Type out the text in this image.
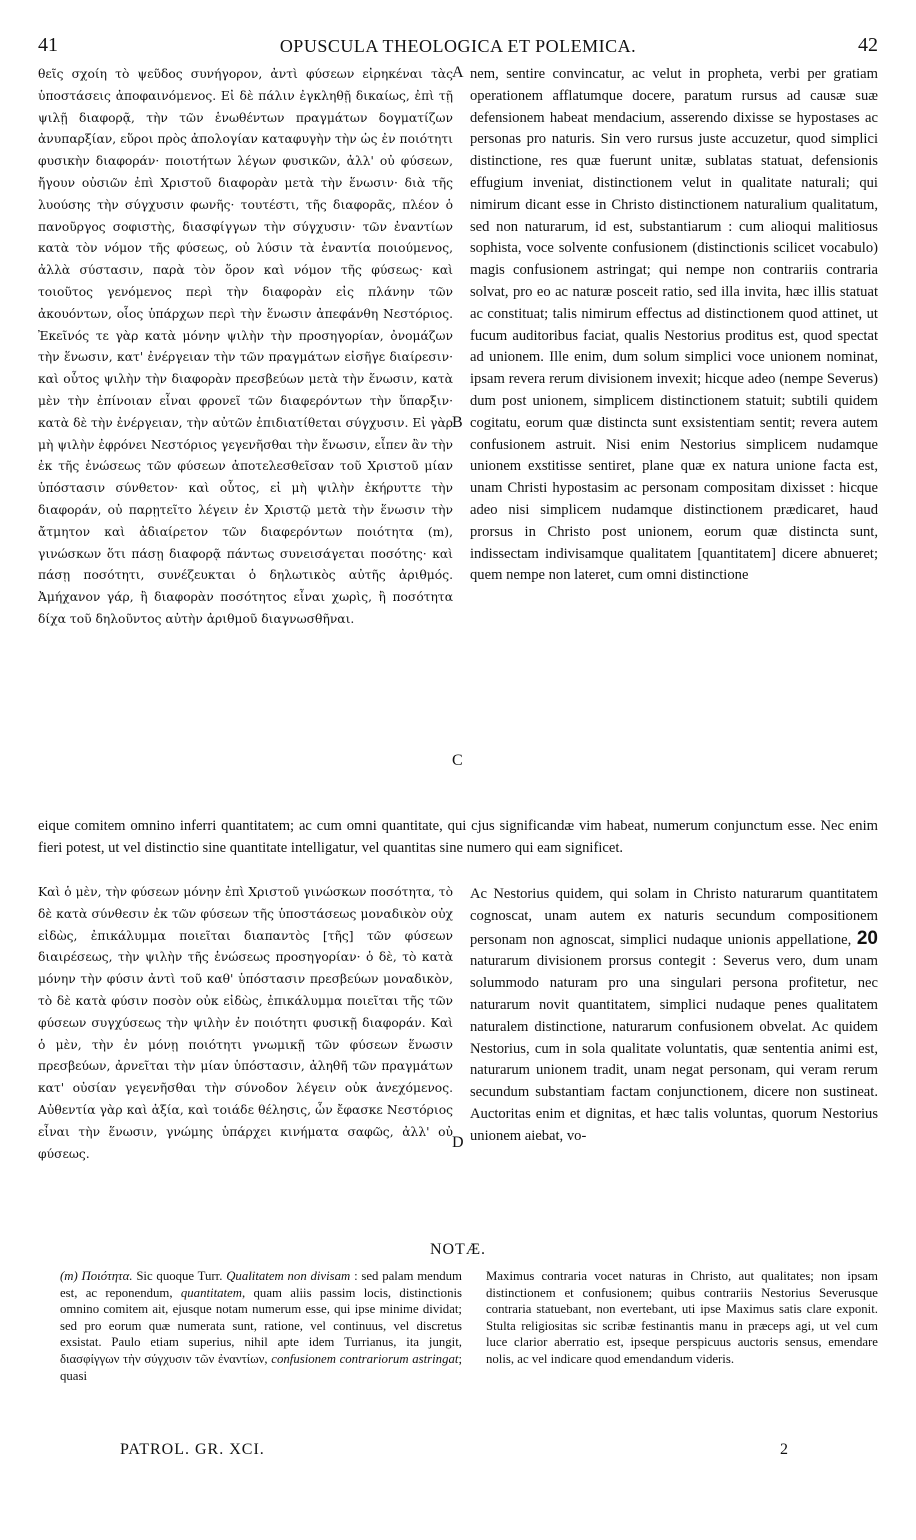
41	OPUSCULA THEOLOGICA ET POLEMICA.	42

θεῖς σχοίη τὸ ψεῦδος συνήγορον, ἀντὶ φύσεων εἰρηκέναι τὰς ὑποστάσεις ἀποφαινόμενος. Εἰ δὲ πάλιν ἐγκληθῇ δικαίως, ἐπὶ τῇ ψιλῇ διαφορᾷ, τὴν τῶν ἑνωθέντων πραγμάτων δογματίζων ἀνυπαρξίαν, εὕροι πρὸς ἀπολογίαν καταφυγὴν τὴν ὡς ἐν ποιότητι φυσικὴν διαφοράν· ποιοτήτων λέγων φυσικῶν, ἀλλ' οὐ φύσεων, ἤγουν οὐσιῶν ἐπὶ Χριστοῦ διαφορὰν μετὰ τὴν ἕνωσιν· διὰ τῆς λυούσης τὴν σύγχυσιν φωνῆς· τουτέστι, τῆς διαφορᾶς, πλέον ὁ πανοῦργος σοφιστὴς, διασφίγγων τὴν σύγχυσιν· τῶν ἐναντίων κατὰ τὸν νόμον τῆς φύσεως, οὐ λύσιν τὰ ἐναντία ποιούμενος, ἀλλὰ σύστασιν, παρὰ τὸν ὅρον καὶ νόμον τῆς φύσεως· καὶ τοιοῦτος γενόμενος περὶ τὴν διαφορὰν εἰς πλάνην τῶν ἀκουόντων, οἷος ὑπάρχων περὶ τὴν ἕνωσιν ἀπεφάνθη Νεστόριος. Ἐκεῖνός τε γὰρ κατὰ μόνην ψιλὴν τὴν προσηγορίαν, ὀνομάζων τὴν ἕνωσιν, κατ' ἐνέργειαν τὴν τῶν πραγμάτων εἰσῆγε διαίρεσιν· καὶ οὗτος ψιλὴν τὴν διαφορὰν πρεσβεύων μετὰ τὴν ἕνωσιν, κατὰ μὲν τὴν ἐπίνοιαν εἶναι φρονεῖ τῶν διαφερόντων τὴν ὕπαρξιν· κατὰ δὲ τὴν ἐνέργειαν, τὴν αὐτῶν ἐπιδιατίθεται σύγχυσιν. Εἰ γὰρ μὴ ψιλὴν ἐφρόνει Νεστόριος γεγενῆσθαι τὴν ἕνωσιν, εἶπεν ἂν τὴν ἐκ τῆς ἑνώσεως τῶν φύσεων ἀποτελεσθεῖσαν τοῦ Χριστοῦ μίαν ὑπόστασιν σύνθετον· καὶ οὗτος, εἰ μὴ ψιλὴν ἐκήρυττε τὴν διαφοράν, οὐ παρῃτεῖτο λέγειν ἐν Χριστῷ μετὰ τὴν ἕνωσιν τὴν ἄτμητον καὶ ἀδιαίρετον τῶν διαφερόντων ποιότητα (m), γινώσκων ὅτι πάσῃ διαφορᾷ πάντως συνεισάγεται ποσότης· καὶ πάσῃ ποσότητι, συνέζευκται ὁ δηλωτικὸς αὐτῆς ἀριθμός. Ἀμήχανον γάρ, ἢ διαφορὰν ποσότητος εἶναι χωρὶς, ἢ ποσότητα δίχα τοῦ δηλοῦντος αὐτὴν ἀριθμοῦ διαγνωσθῆναι.

nem, sentire convincatur, ac velut in propheta, verbi per gratiam operationem afflatumque docere, paratum rursus ad causæ suæ defensionem habeat mendacium, asserendo dixisse se hypostases ac personas pro naturis. Sin vero rursus juste accuzetur, quod simplici distinctione, res quæ fuerunt unitæ, sublatas statuat, defensionis effugium inveniat, distinctionem velut in qualitate naturali; qui nimirum dicant esse in Christo distinctionem naturalium qualitatum, sed non naturarum, id est, substantiarum : cum alioqui malitiosus sophista, voce solvente confusionem (distinctionis scilicet vocabulo) magis confusionem astringat; qui nempe non contrariis contraria solvat, pro eo ac naturæ posceit ratio, sed illa invita, hæc illis statuat ac constituat; talis nimirum effectus ad distinctionem quod attinet, ut fucum auditoribus faciat, qualis Nestorius proditus est, quod spectat ad unionem. Ille enim, dum solum simplici voce unionem nominat, ipsam revera rerum divisionem invexit; hicque adeo (nempe Severus) dum post unionem, simplicem distinctionem statuit; subtili quidem cogitatu, eorum quæ distincta sunt exsistentiam sentit; revera autem confusionem astruit. Nisi enim Nestorius simplicem nudamque unionem exstitisse sentiret, plane quæ ex natura unione facta est, unam Christi hypostasim ac personam compositam dixisset : hicque adeo nisi simplicem nudamque distinctionem prædicaret, haud prorsus in Christo post unionem, eorum quæ distincta sunt, indissectam indivisamque qualitatem [quantitatem] dicere abnueret; quem nempe non lateret, cum omni distinctione

A
B
C
D

eique comitem omnino inferri quantitatem; ac cum omni quantitate, qui cjus significandæ vim habeat, numerum conjunctum esse. Nec enim fieri potest, ut vel distinctio sine quantitate intelligatur, vel quantitas sine numero qui eam significet.

Καὶ ὁ μὲν, τὴν φύσεων μόνην ἐπὶ Χριστοῦ γινώσκων ποσότητα, τὸ δὲ κατὰ σύνθεσιν ἐκ τῶν φύσεων τῆς ὑποστάσεως μοναδικὸν οὐχ εἰδὼς, ἐπικάλυμμα ποιεῖται διαπαντὸς [τῆς] τῶν φύσεων διαιρέσεως, τὴν ψιλὴν τῆς ἑνώσεως προσηγορίαν· ὁ δὲ, τὸ κατὰ μόνην τὴν φύσιν ἀντὶ τοῦ καθ' ὑπόστασιν πρεσβεύων μοναδικὸν, τὸ δὲ κατὰ φύσιν ποσὸν οὐκ εἰδὼς, ἐπικάλυμμα ποιεῖται τῆς τῶν φύσεων συγχύσεως τὴν ψιλὴν ἐν ποιότητι φυσικῇ διαφοράν. Καὶ ὁ μὲν, τὴν ἐν μόνῃ ποιότητι γνωμικῇ τῶν φύσεων ἕνωσιν πρεσβεύων, ἀρνεῖται τὴν μίαν ὑπόστασιν, ἀληθῆ τῶν πραγμάτων κατ' οὐσίαν γεγενῆσθαι τὴν σύνοδον λέγειν οὐκ ἀνεχόμενος. Αὐθεντία γὰρ καὶ ἀξία, καὶ τοιάδε θέλησις, ὧν ἔφασκε Νεστόριος εἶναι τὴν ἕνωσιν, γνώμης ὑπάρχει κινήματα σαφῶς, ἀλλ' οὐ φύσεως.

Ac Nestorius quidem, qui solam in Christo naturarum quantitatem cognoscat, unam autem ex naturis secundum compositionem personam non agnoscat, simplici nudaque unionis appellatione, 20 naturarum divisionem prorsus contegit : Severus vero, dum unam solummodo naturam pro una singulari persona profitetur, nec naturarum novit quantitatem, simplici nudaque penes qualitatem naturalem distinctione, naturarum confusionem obvelat. Ac quidem Nestorius, cum in sola qualitate voluntatis, quæ sententia animi est, naturarum unionem tradit, unam negat personam, qui veram rerum secundum substantiam factam conjunctionem, dicere non sustineat. Auctoritas enim et dignitas, et hæc talis voluntas, quorum Nestorius unionem aiebat, vo-

NOTÆ.

(m) Ποιότητα. Sic quoque Turr. Qualitatem non divisam : sed palam mendum est, ac reponendum, quantitatem, quam aliis passim locis, distinctionis omnino comitem ait, ejusque notam numerum esse, qui ipse minime dividat; sed pro eorum quæ numerata sunt, ratione, vel continuus, vel discretus exsistat. Paulo etiam superius, nihil apte idem Turrianus, ita jungit, διασφίγγων τὴν σύγχυσιν τῶν ἐναντίων, confusionem contrariorum astringat; quasi

Maximus contraria vocet naturas in Christo, aut qualitates; non ipsam distinctionem et confusionem; quibus contrariis Nestorius Severusque contraria statuebant, non evertebant, uti ipse Maximus satis clare exponit. Stulta religiositas sic scribæ festinantis manu in præceps agi, ut vel cum luce clarior aberratio est, ipseque perspicuus auctoris sensus, emendare nolis, ac vel indicare quod emendandum videris.

PATROL. GR. XCI.	2
